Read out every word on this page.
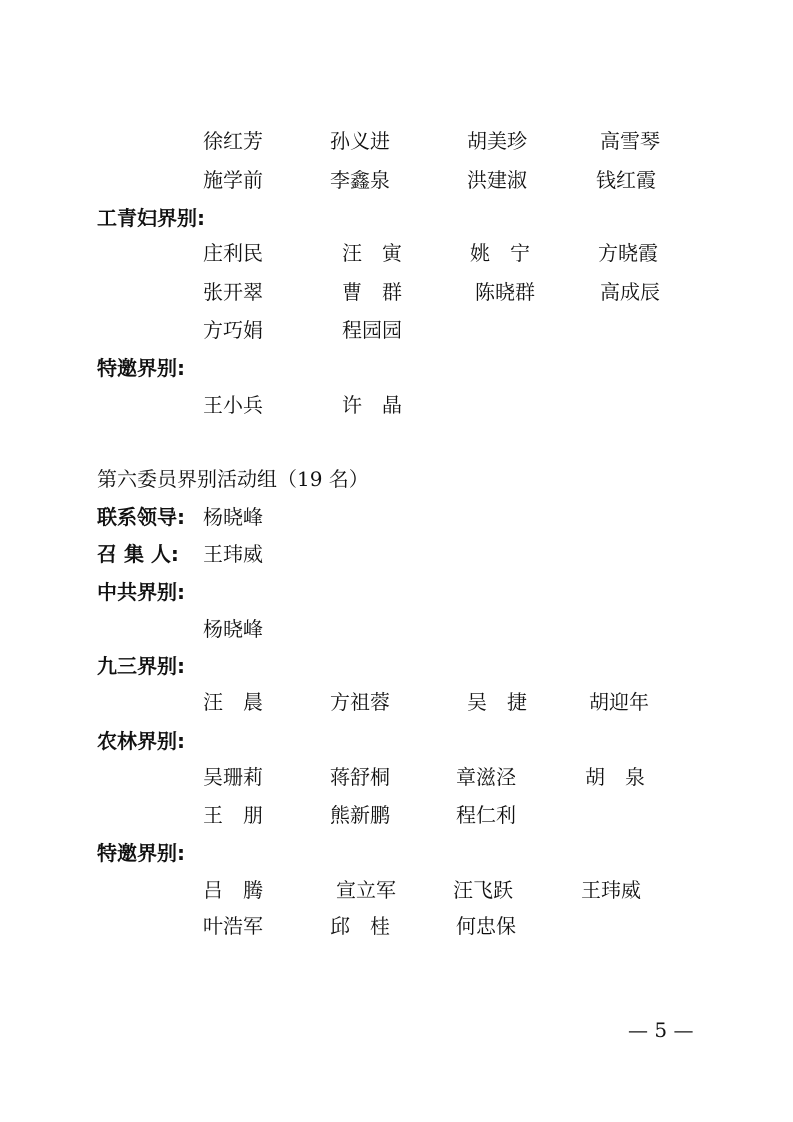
徐红芳	孙义进	胡美珍	高雪琴
施学前	李鑫泉	洪建淑	钱红霞
工青妇界别:
庄利民	汪　寅	姚　宁	方晓霞
张开翠	曹　群	陈晓群	高成辰
方巧娟	程园园
特邀界别:
王小兵	许　晶
第六委员界别活动组（19 名）
联系领导: 杨晓峰
召 集 人: 王玮威
中共界别:
杨晓峰
九三界别:
汪　晨	方祖蓉	吴　捷	胡迎年
农林界别:
吴珊莉	蒋舒桐	章滋泾	胡　泉
王　朋	熊新鹏	程仁利
特邀界别:
吕　腾	宣立军	汪飞跃	王玮威
叶浩军	邱　桂	何忠保
— 5 —
